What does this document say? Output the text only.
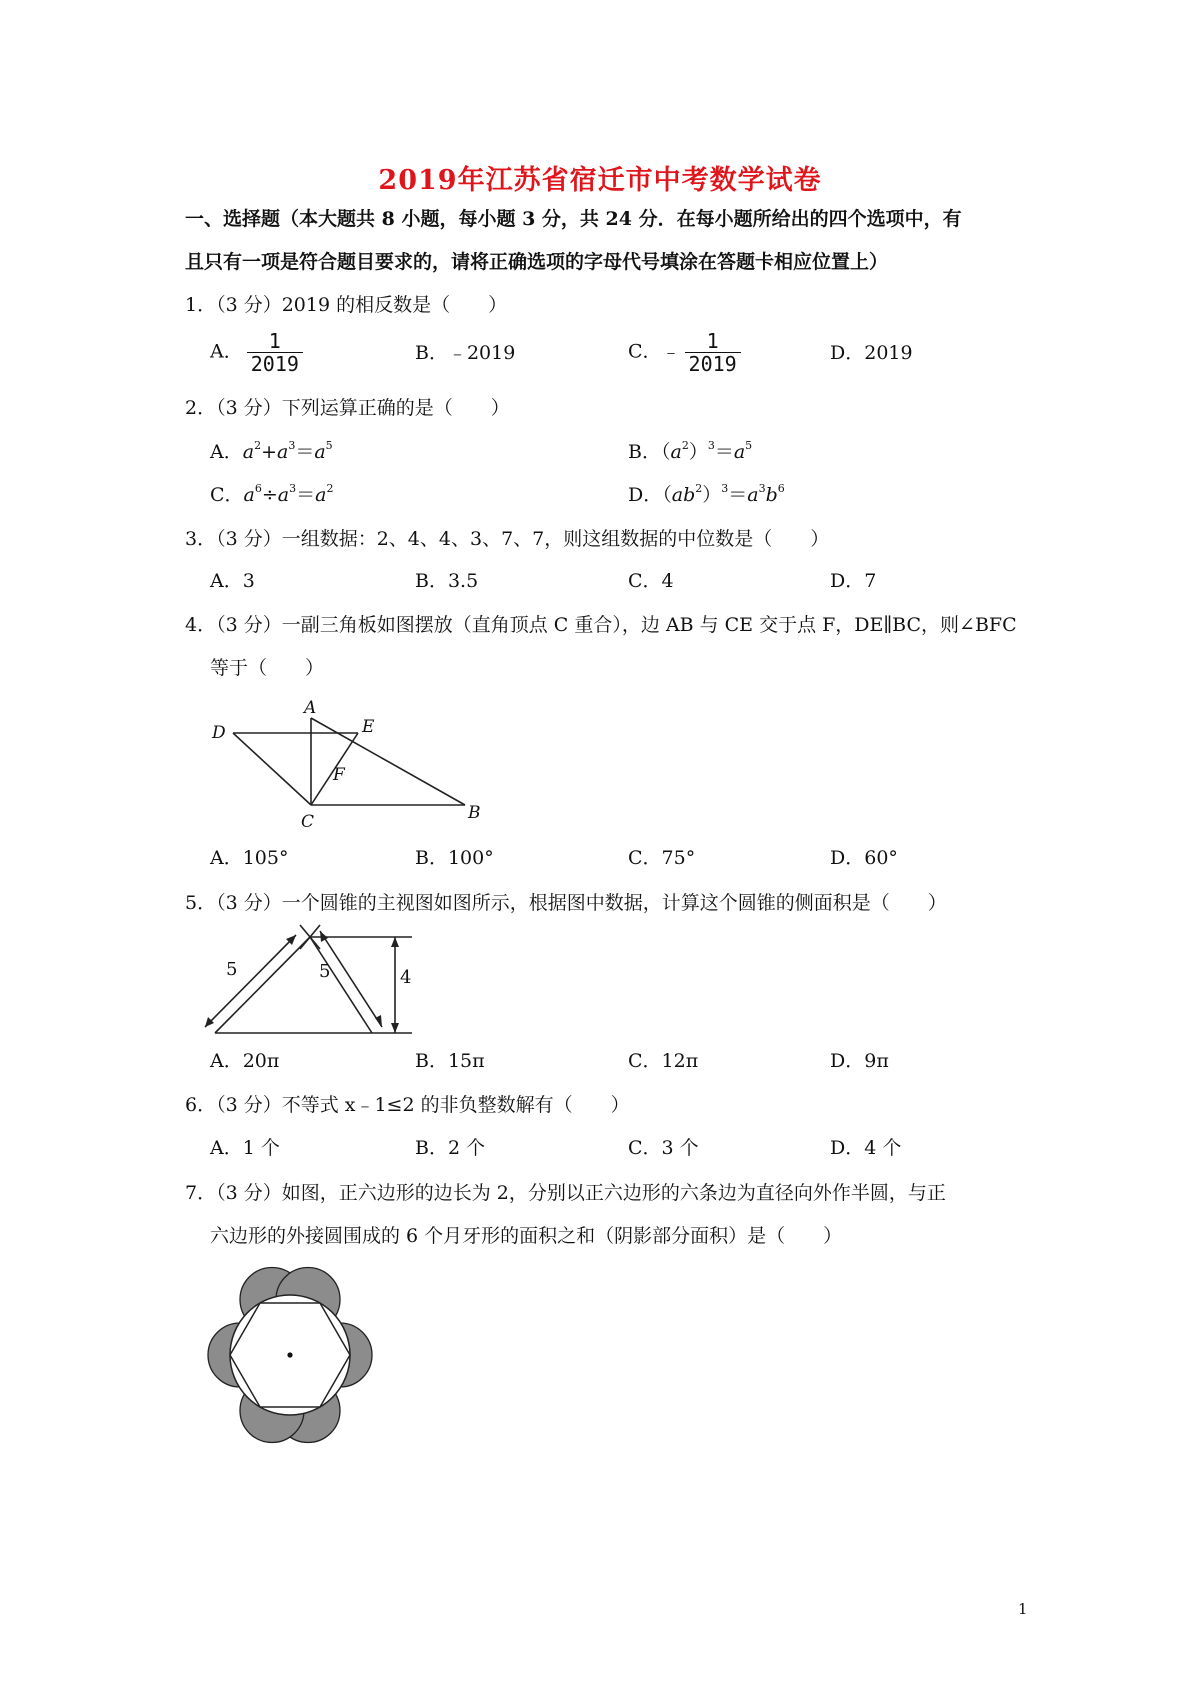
2019年江苏省宿迁市中考数学试卷
一、选择题（本大题共 8 小题，每小题 3 分，共 24 分．在每小题所给出的四个选项中，有
且只有一项是符合题目要求的，请将正确选项的字母代号填涂在答题卡相应位置上）
1．（3 分）2019 的相反数是（　　）
A． $\frac{1}{2019}$	B．﹣2019	C．﹣ $\frac{1}{2019}$	D．2019
2．（3 分）下列运算正确的是（　　）
A．$a^2+a^3=a^5$	B．$(a^2)^3=a^5$
C．$a^6\div a^3=a^2$	D．$(ab^2)^3=a^3b^6$
3．（3 分）一组数据：2、4、4、3、7、7，则这组数据的中位数是（　　）
A．3	B．3.5	C．4	D．7
4．（3 分）一副三角板如图摆放（直角顶点 C 重合），边 AB 与 CE 交于点 F，DE∥BC，则∠BFC
等于（　　）
A
D	E
F
C	B
A．105°	B．100°	C．75°	D．60°
5．（3 分）一个圆锥的主视图如图所示，根据图中数据，计算这个圆锥的侧面积是（　　）
5	5	4
A．20π	B．15π	C．12π	D．9π
6．（3 分）不等式 x﹣1≤2 的非负整数解有（　　）
A．1 个	B．2 个	C．3 个	D．4 个
7．（3 分）如图，正六边形的边长为 2，分别以正六边形的六条边为直径向外作半圆，与正
六边形的外接圆围成的 6 个月牙形的面积之和（阴影部分面积）是（　　）
1
